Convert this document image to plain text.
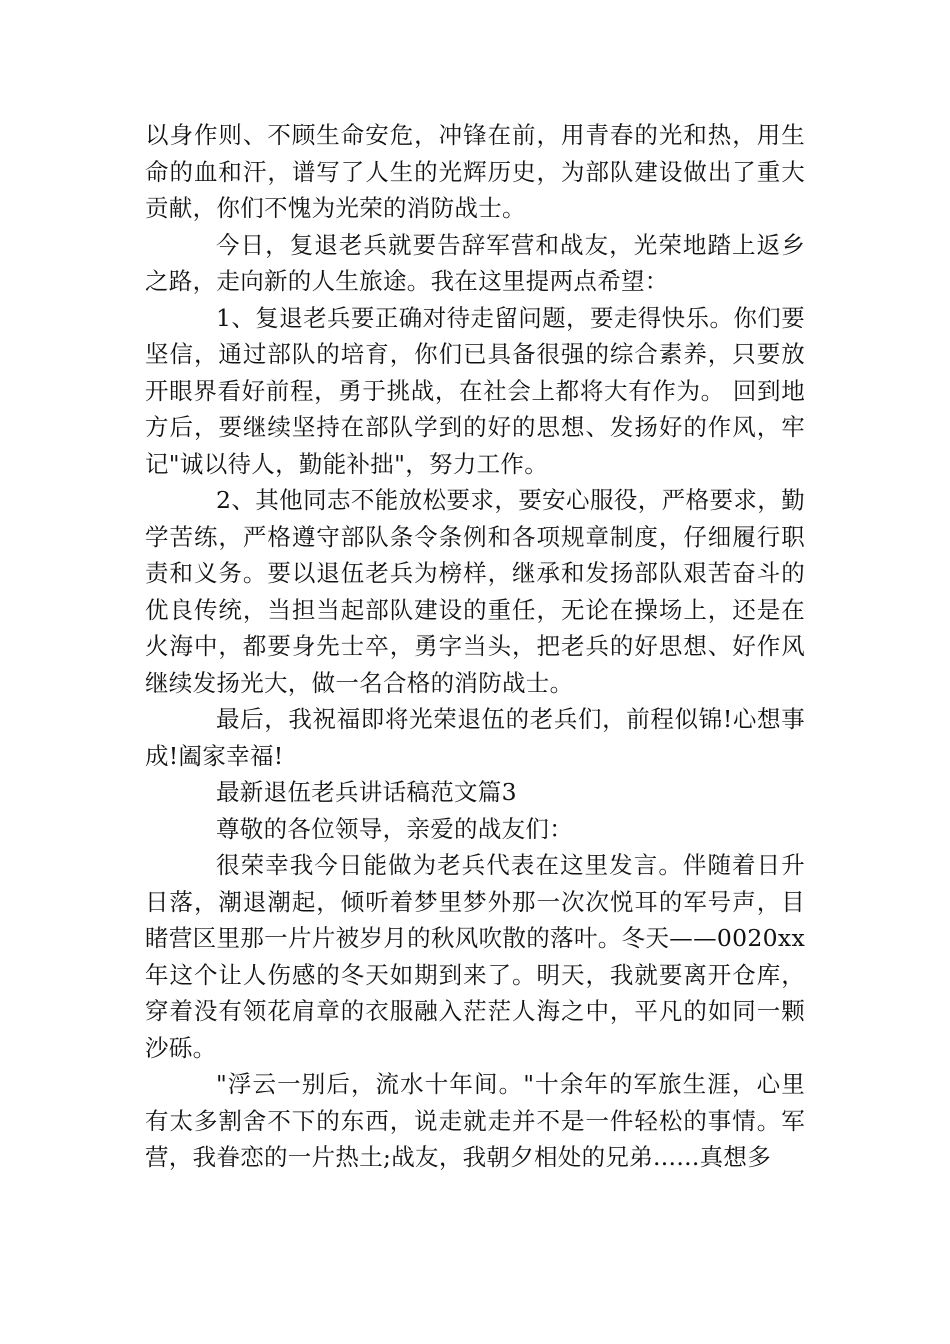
以身作则、不顾生命安危，冲锋在前，用青春的光和热，用生命的血和汗，谱写了人生的光辉历史，为部队建设做出了重大贡献，你们不愧为光荣的消防战士。

今日，复退老兵就要告辞军营和战友，光荣地踏上返乡之路，走向新的人生旅途。我在这里提两点希望：

1、复退老兵要正确对待走留问题，要走得快乐。你们要坚信，通过部队的培育，你们已具备很强的综合素养，只要放开眼界看好前程，勇于挑战，在社会上都将大有作为。 回到地方后，要继续坚持在部队学到的好的思想、发扬好的作风，牢记"诚以待人，勤能补拙"，努力工作。

2、其他同志不能放松要求，要安心服役，严格要求，勤学苦练，严格遵守部队条令条例和各项规章制度，仔细履行职责和义务。要以退伍老兵为榜样，继承和发扬部队艰苦奋斗的优良传统，当担当起部队建设的重任，无论在操场上，还是在火海中，都要身先士卒，勇字当头，把老兵的好思想、好作风继续发扬光大，做一名合格的消防战士。

最后，我祝福即将光荣退伍的老兵们，前程似锦!心想事成!阖家幸福!

最新退伍老兵讲话稿范文篇3

尊敬的各位领导，亲爱的战友们：

很荣幸我今日能做为老兵代表在这里发言。伴随着日升日落，潮退潮起，倾听着梦里梦外那一次次悦耳的军号声，目睹营区里那一片片被岁月的秋风吹散的落叶。冬天——0020xx年这个让人伤感的冬天如期到来了。明天，我就要离开仓库，穿着没有领花肩章的衣服融入茫茫人海之中，平凡的如同一颗沙砾。

"浮云一别后，流水十年间。"十余年的军旅生涯，心里有太多割舍不下的东西，说走就走并不是一件轻松的事情。军营，我眷恋的一片热土;战友，我朝夕相处的兄弟......真想多
